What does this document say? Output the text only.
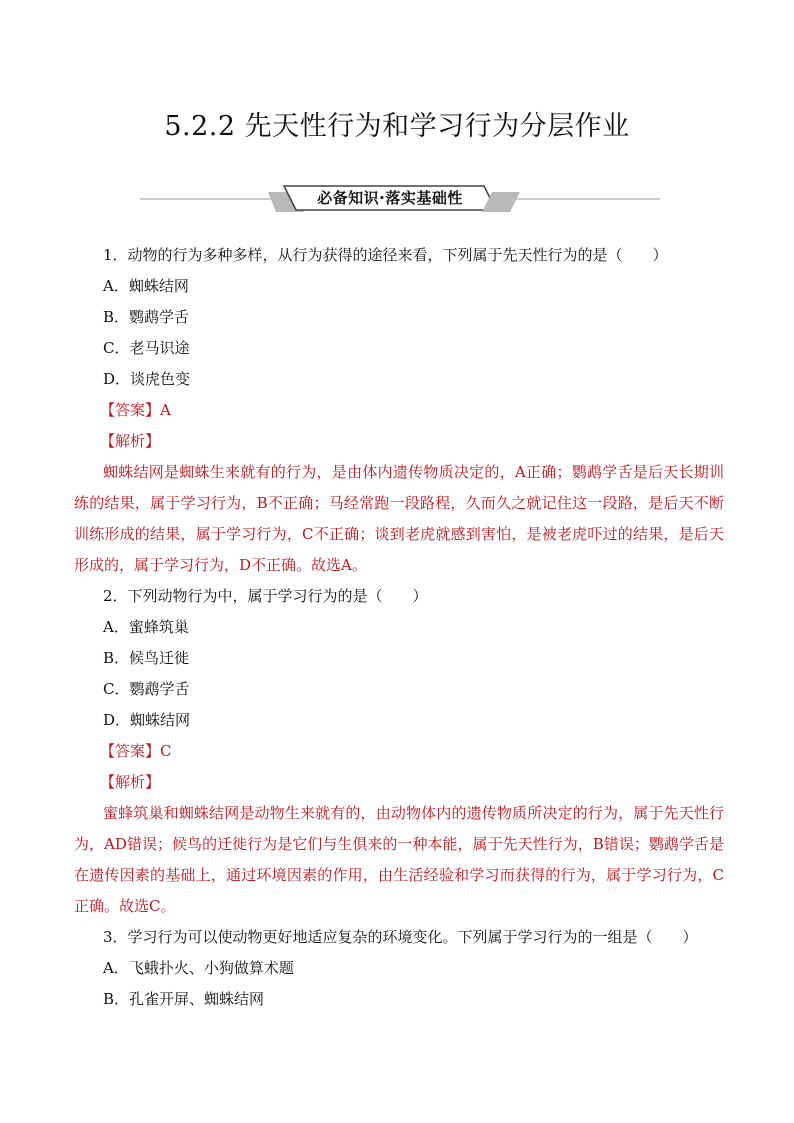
5.2.2 先天性行为和学习行为分层作业
必备知识·落实基础性
1．动物的行为多种多样，从行为获得的途径来看，下列属于先天性行为的是（　　）
A．蜘蛛结网
B．鹦鹉学舌
C．老马识途
D．谈虎色变
【答案】A
【解析】

蜘蛛结网是蜘蛛生来就有的行为，是由体内遗传物质决定的，A正确；鹦鹉学舌是后天长期训练的结果，属于学习行为，B不正确；马经常跑一段路程，久而久之就记住这一段路，是后天不断训练形成的结果，属于学习行为，C不正确；谈到老虎就感到害怕，是被老虎吓过的结果，是后天形成的，属于学习行为，D不正确。故选A。

2．下列动物行为中，属于学习行为的是（　　）
A．蜜蜂筑巢
B．候鸟迁徙
C．鹦鹉学舌
D．蜘蛛结网
【答案】C
【解析】

蜜蜂筑巢和蜘蛛结网是动物生来就有的，由动物体内的遗传物质所决定的行为，属于先天性行为，AD错误；候鸟的迁徙行为是它们与生俱来的一种本能，属于先天性行为，B错误；鹦鹉学舌是在遗传因素的基础上，通过环境因素的作用，由生活经验和学习而获得的行为，属于学习行为，C正确。故选C。

3．学习行为可以使动物更好地适应复杂的环境变化。下列属于学习行为的一组是（　　）
A．飞蛾扑火、小狗做算术题
B．孔雀开屏、蜘蛛结网
